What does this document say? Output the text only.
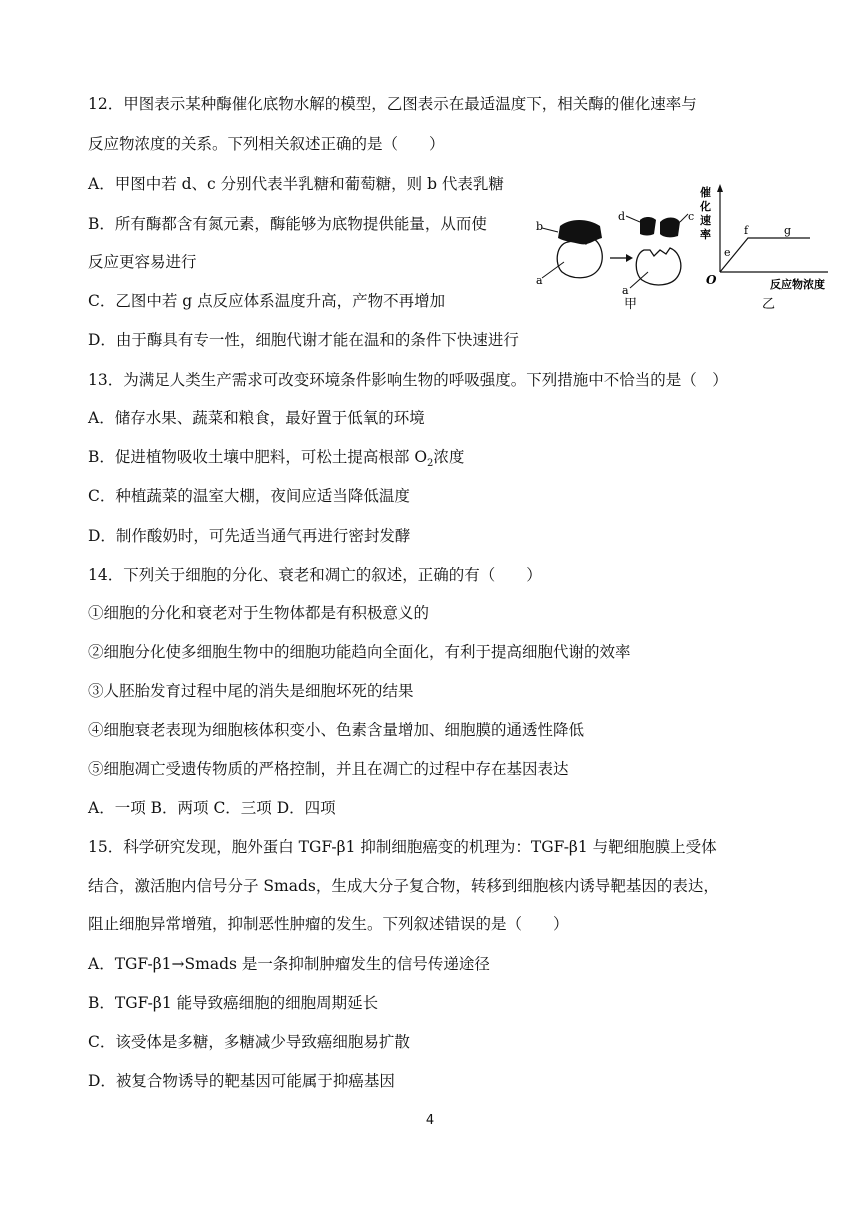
12．甲图表示某种酶催化底物水解的模型，乙图表示在最适温度下，相关酶的催化速率与
反应物浓度的关系。下列相关叙述正确的是（　　）
A．甲图中若 d、c 分别代表半乳糖和葡萄糖，则 b 代表乳糖
B．所有酶都含有氮元素，酶能够为底物提供能量，从而使
反应更容易进行
C．乙图中若 g 点反应体系温度升高，产物不再增加
D．由于酶具有专一性，细胞代谢才能在温和的条件下快速进行
b
a
d	c
a
甲
催
化
速
率
O
e
f	g
反应物浓度
乙
13．为满足人类生产需求可改变环境条件影响生物的呼吸强度。下列措施中不恰当的是（　）
A．储存水果、蔬菜和粮食，最好置于低氧的环境
B．促进植物吸收土壤中肥料，可松土提高根部 $O_2$浓度
C．种植蔬菜的温室大棚，夜间应适当降低温度
D．制作酸奶时，可先适当通气再进行密封发酵
14．下列关于细胞的分化、衰老和凋亡的叙述，正确的有（　　）
①细胞的分化和衰老对于生物体都是有积极意义的
②细胞分化使多细胞生物中的细胞功能趋向全面化，有利于提高细胞代谢的效率
③人胚胎发育过程中尾的消失是细胞坏死的结果
④细胞衰老表现为细胞核体积变小、色素含量增加、细胞膜的通透性降低
⑤细胞凋亡受遗传物质的严格控制，并且在凋亡的过程中存在基因表达
A．一项 B．两项 C．三项 D．四项
15．科学研究发现，胞外蛋白 TGF-β1 抑制细胞癌变的机理为：TGF-β1 与靶细胞膜上受体
结合，激活胞内信号分子 Smads，生成大分子复合物，转移到细胞核内诱导靶基因的表达，
阻止细胞异常增殖，抑制恶性肿瘤的发生。下列叙述错误的是（　　）
A．TGF-β1→Smads 是一条抑制肿瘤发生的信号传递途径
B．TGF-β1 能导致癌细胞的细胞周期延长
C．该受体是多糖，多糖减少导致癌细胞易扩散
D．被复合物诱导的靶基因可能属于抑癌基因
4
